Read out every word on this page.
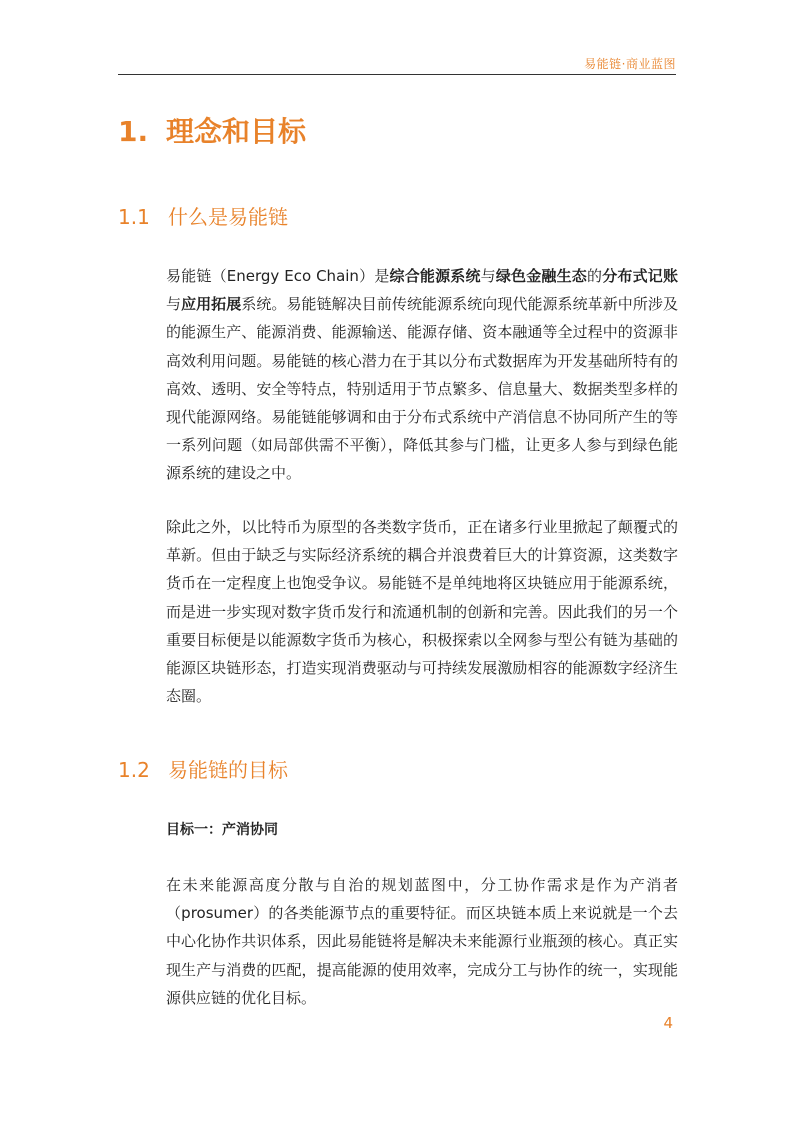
易能链·商业蓝图
1. 理念和目标
1.1 什么是易能链

易能链（Energy Eco Chain）是综合能源系统与绿色金融生态的分布式记账与应用拓展系统。易能链解决目前传统能源系统向现代能源系统革新中所涉及的能源生产、能源消费、能源输送、能源存储、资本融通等全过程中的资源非高效利用问题。易能链的核心潜力在于其以分布式数据库为开发基础所特有的高效、透明、安全等特点，特别适用于节点繁多、信息量大、数据类型多样的现代能源网络。易能链能够调和由于分布式系统中产消信息不协同所产生的等一系列问题（如局部供需不平衡），降低其参与门槛，让更多人参与到绿色能源系统的建设之中。

除此之外，以比特币为原型的各类数字货币，正在诸多行业里掀起了颠覆式的革新。但由于缺乏与实际经济系统的耦合并浪费着巨大的计算资源，这类数字货币在一定程度上也饱受争议。易能链不是单纯地将区块链应用于能源系统，而是进一步实现对数字货币发行和流通机制的创新和完善。因此我们的另一个重要目标便是以能源数字货币为核心，积极探索以全网参与型公有链为基础的能源区块链形态，打造实现消费驱动与可持续发展激励相容的能源数字经济生态圈。

1.2 易能链的目标
目标一：产消协同

在未来能源高度分散与自治的规划蓝图中，分工协作需求是作为产消者（prosumer）的各类能源节点的重要特征。而区块链本质上来说就是一个去中心化协作共识体系，因此易能链将是解决未来能源行业瓶颈的核心。真正实现生产与消费的匹配，提高能源的使用效率，完成分工与协作的统一，实现能源供应链的优化目标。

4
